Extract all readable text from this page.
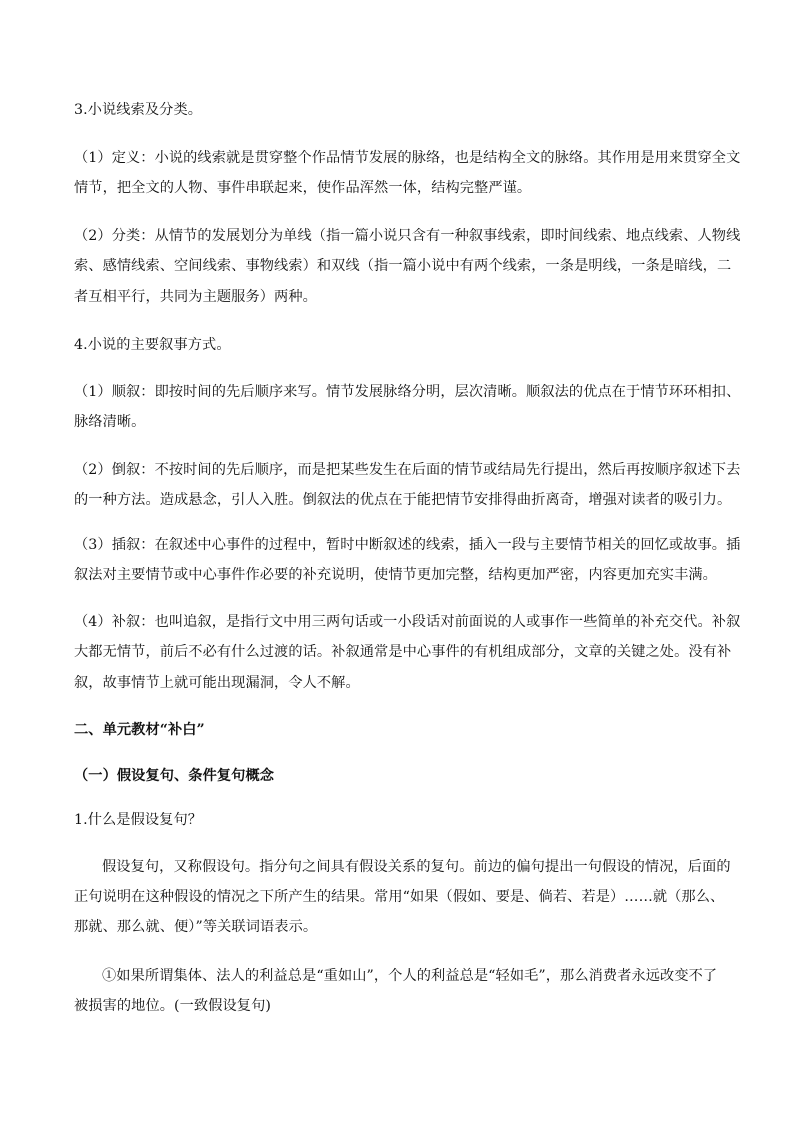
3.小说线索及分类。
（1）定义：小说的线索就是贯穿整个作品情节发展的脉络，也是结构全文的脉络。其作用是用来贯穿全文
情节，把全文的人物、事件串联起来，使作品浑然一体，结构完整严谨。
（2）分类：从情节的发展划分为单线（指一篇小说只含有一种叙事线索，即时间线索、地点线索、人物线
索、感情线索、空间线索、事物线索）和双线（指一篇小说中有两个线索，一条是明线，一条是暗线，二
者互相平行，共同为主题服务）两种。
4.小说的主要叙事方式。
（1）顺叙：即按时间的先后顺序来写。情节发展脉络分明，层次清晰。顺叙法的优点在于情节环环相扣、
脉络清晰。
（2）倒叙：不按时间的先后顺序，而是把某些发生在后面的情节或结局先行提出，然后再按顺序叙述下去
的一种方法。造成悬念，引人入胜。倒叙法的优点在于能把情节安排得曲折离奇，增强对读者的吸引力。
（3）插叙：在叙述中心事件的过程中，暂时中断叙述的线索，插入一段与主要情节相关的回忆或故事。插
叙法对主要情节或中心事件作必要的补充说明，使情节更加完整，结构更加严密，内容更加充实丰满。
（4）补叙：也叫追叙，是指行文中用三两句话或一小段话对前面说的人或事作一些简单的补充交代。补叙
大都无情节，前后不必有什么过渡的话。补叙通常是中心事件的有机组成部分，文章的关键之处。没有补
叙，故事情节上就可能出现漏洞，令人不解。
二、单元教材“补白”
（一）假设复句、条件复句概念
1.什么是假设复句？
假设复句，又称假设句。指分句之间具有假设关系的复句。前边的偏句提出一句假设的情况，后面的
正句说明在这种假设的情况之下所产生的结果。常用“如果（假如、要是、倘若、若是）……就（那么、
那就、那么就、便）”等关联词语表示。
①如果所谓集体、法人的利益总是“重如山”，个人的利益总是“轻如毛”，那么消费者永远改变不了
被损害的地位。(一致假设复句)
